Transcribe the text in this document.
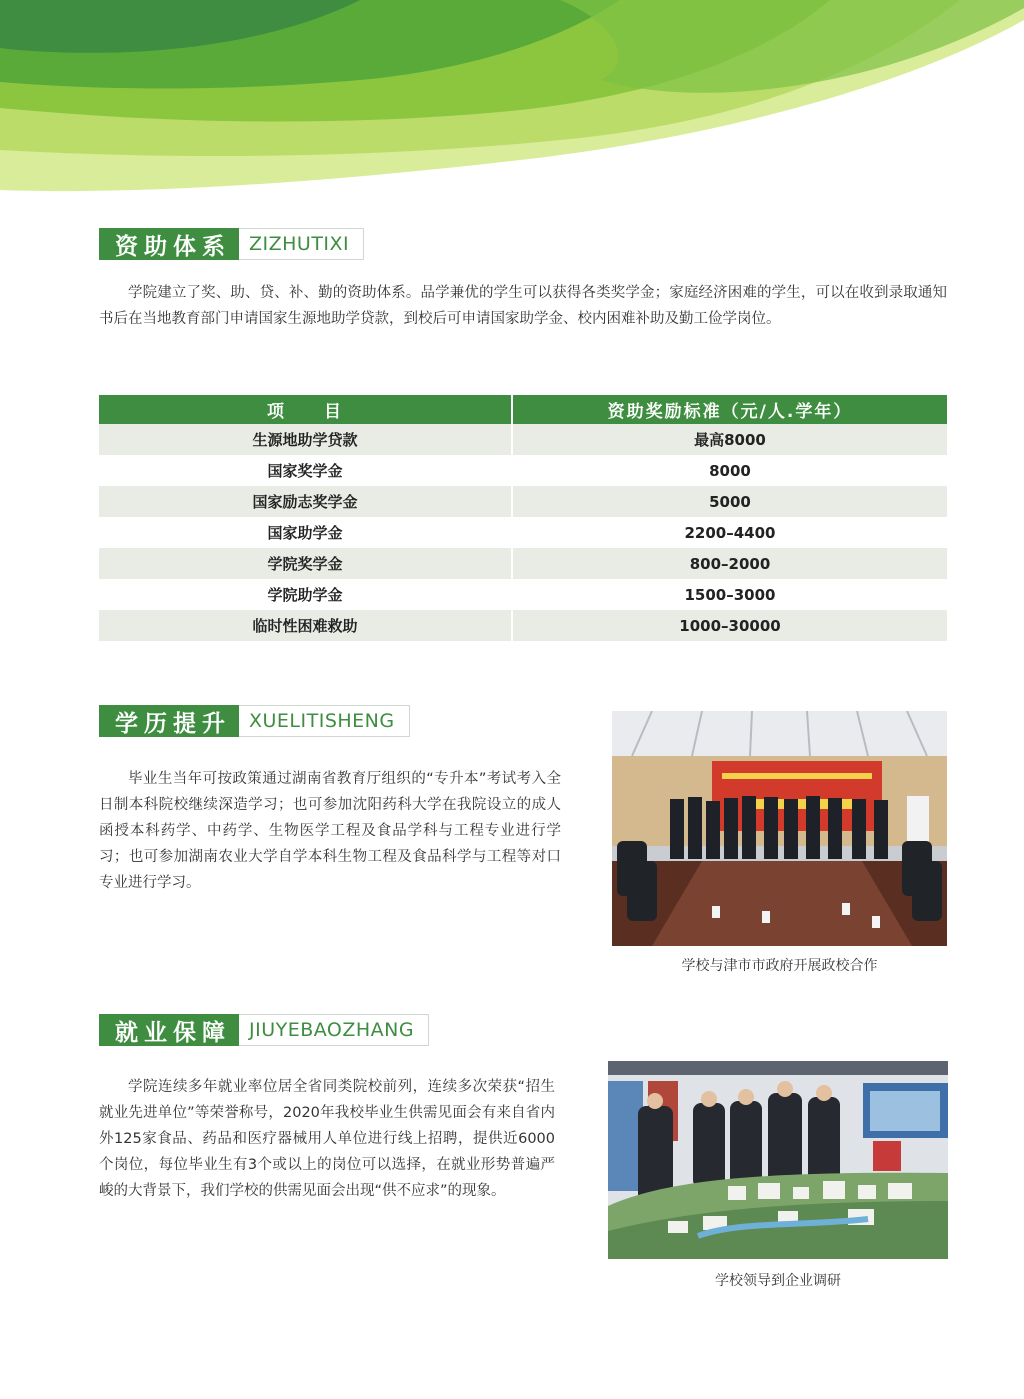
资助体系 ZIZHUTIXI

学院建立了奖、助、贷、补、勤的资助体系。品学兼优的学生可以获得各类奖学金；家庭经济困难的学生，可以在收到录取通知书后在当地教育部门申请国家生源地助学贷款，到校后可申请国家助学金、校内困难补助及勤工俭学岗位。

项　　目	资助奖励标准（元/人.学年）
生源地助学贷款	最高8000
国家奖学金	8000
国家励志奖学金	5000
国家助学金	2200–4400
学院奖学金	800–2000
学院助学金	1500–3000
临时性困难救助	1000–30000
学历提升 XUELITISHENG

毕业生当年可按政策通过湖南省教育厅组织的“专升本”考试考入全日制本科院校继续深造学习；也可参加沈阳药科大学在我院设立的成人函授本科药学、中药学、生物医学工程及食品学科与工程专业进行学习；也可参加湖南农业大学自学本科生物工程及食品科学与工程等对口专业进行学习。

学校与津市市政府开展政校合作
就业保障 JIUYEBAOZHANG

学院连续多年就业率位居全省同类院校前列，连续多次荣获“招生就业先进单位”等荣誉称号，2020年我校毕业生供需见面会有来自省内外125家食品、药品和医疗器械用人单位进行线上招聘，提供近6000个岗位，每位毕业生有3个或以上的岗位可以选择，在就业形势普遍严峻的大背景下，我们学校的供需见面会出现“供不应求”的现象。

学校领导到企业调研
